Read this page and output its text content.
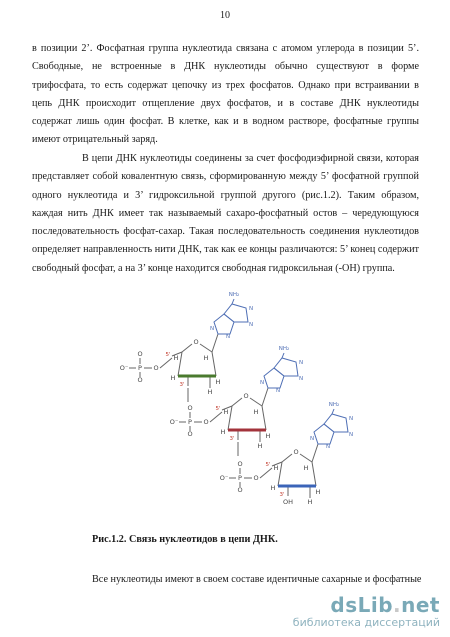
10

в позиции 2’. Фосфатная группа нуклеотида связана с атомом углерода в позиции 5’. Свободные, не встроенные в ДНК нуклеотиды обычно существуют в форме трифосфата, то есть содержат цепочку из трех фосфатов. Однако при встраивании в цепь ДНК происходит отщепление двух фосфатов, и в составе ДНК нуклеотиды содержат лишь один фосфат. В клетке, как и в водном растворе, фосфатные группы имеют отрицательный заряд.

В цепи ДНК нуклеотиды соединены за счет фосфодиэфирной связи, которая представляет собой ковалентную связь, сформированную между 5’ фосфатной группой одного нуклеотида и 3’ гидроксильной группой другого (рис.1.2). Таким образом, каждая нить ДНК имеет так называемый сахаро-фосфатный остов – чередующуюся последовательность фосфат-сахар. Такая последовательность соединения нуклеотидов определяет направленность нити ДНК, так как ее концы различаются: 5’ конец содержит свободный фосфат, а на 3’ конце находится свободная гидроксильная (-ОН) группа.

O
P
O⁻
O
O
5'
O
H	H
H	H
3'
H
N
N
N
N
NH₂
O
P
O⁻
O
O
5'
O
H	H
H	H
3'
H
N
N
N
N
NH₂
O
P
O⁻
O
O
5'
O
H	H
H	H
3'
H
OH
N
N
N
N
NH₂
Рис.1.2. Связь нуклеотидов в цепи ДНК.
Все нуклеотиды имеют в своем составе идентичные сахарные и фосфатные
dsLib.net
библиотека диссертаций
